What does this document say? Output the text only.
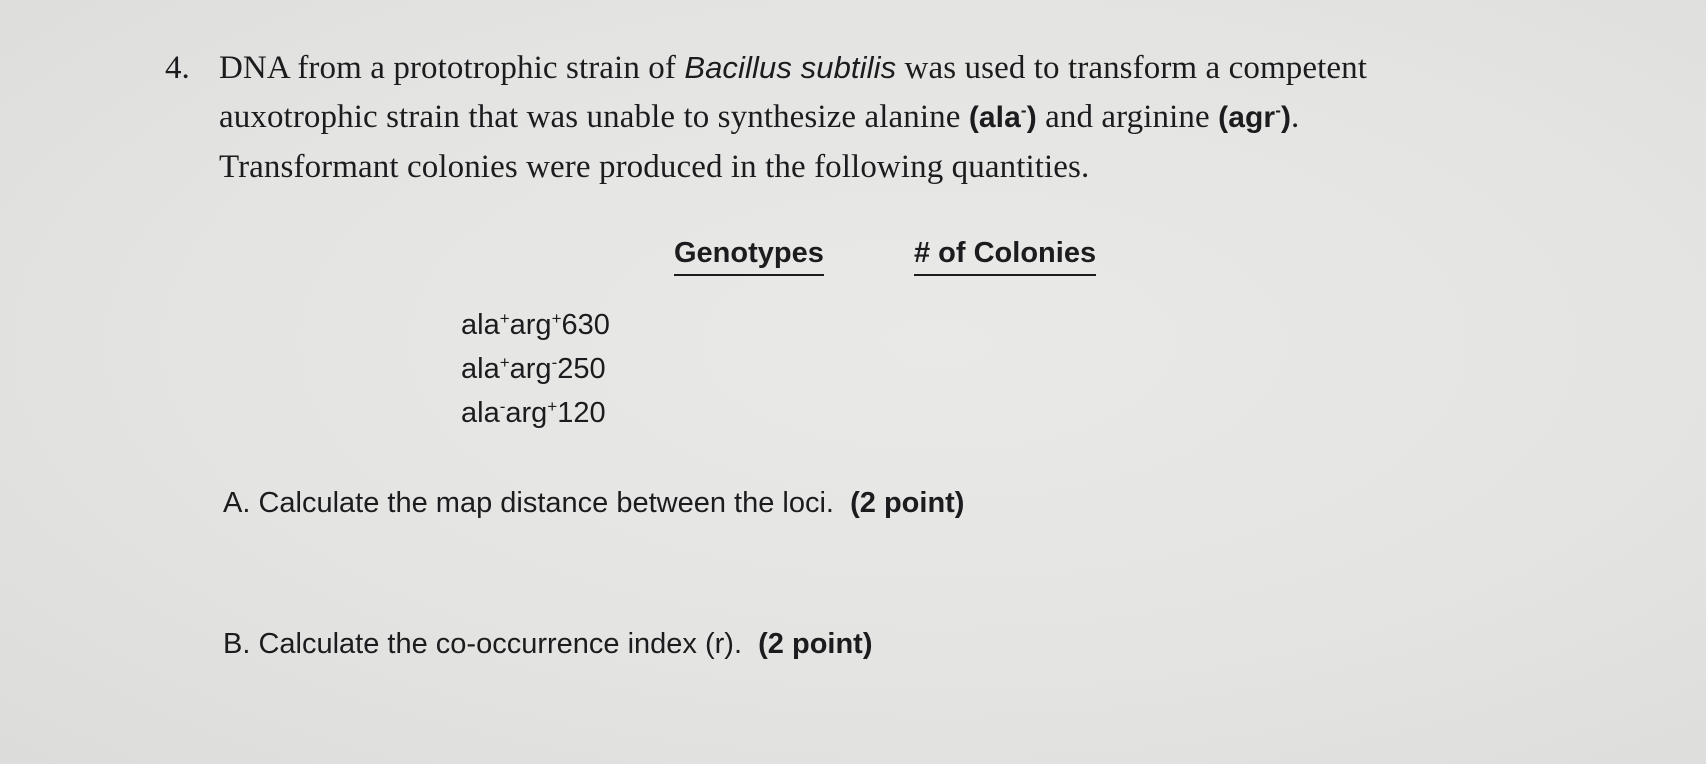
4. DNA from a prototrophic strain of Bacillus subtilis was used to transform a competent
auxotrophic strain that was unable to synthesize alanine (ala-) and arginine (agr-).
Transformant colonies were produced in the following quantities.
Genotypes	# of Colonies
ala+arg+630
ala+arg-250
ala-arg+120
A. Calculate the map distance between the loci. (2 point)
B. Calculate the co-occurrence index (r). (2 point)
